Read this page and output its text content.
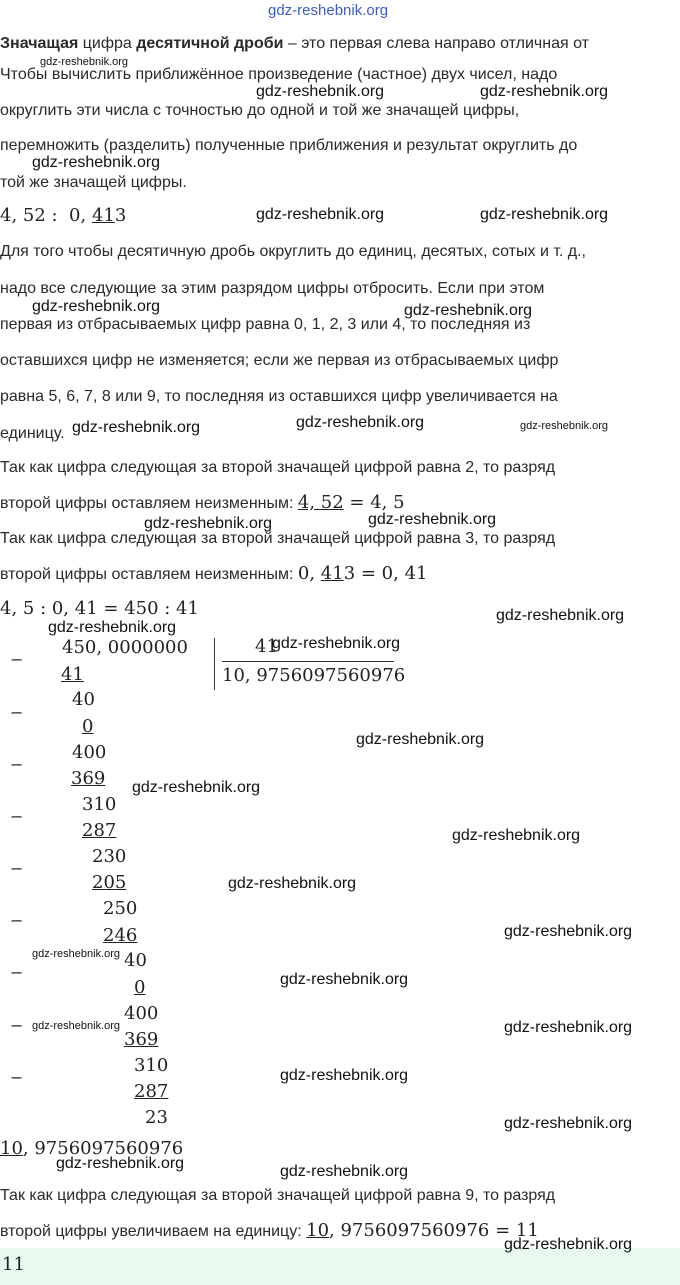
gdz-reshebnik.org
Значащая цифра десятичной дроби – это первая слева направо отличная от
Чтобы вычислить приближённое произведение (частное) двух чисел, надо
округлить эти числа с точностью до одной и той же значащей цифры,
перемножить (разделить) полученные приближения и результат округлить до
той же значащей цифры.
4, 52 : 0, 413
Для того чтобы десятичную дробь округлить до единиц, десятых, сотых и т. д.,
надо все следующие за этим разрядом цифры отбросить. Если при этом
первая из отбрасываемых цифр равна 0, 1, 2, 3 или 4, то последняя из
оставшихся цифр не изменяется; если же первая из отбрасываемых цифр
равна 5, 6, 7, 8 или 9, то последняя из оставшихся цифр увеличивается на
единицу.
Так как цифра следующая за второй значащей цифрой равна 2, то разряд
второй цифры оставляем неизменным: 4, 52 = 4, 5
Так как цифра следующая за второй значащей цифрой равна 3, то разряд
второй цифры оставляем неизменным: 0, 413 = 0, 41
4, 5 : 0, 41 = 450 : 41
450, 0000000	41
10, 9756097560976
−
41
40
−
0
400
−
369
310
−
287
230
−
205
250
−
246
40
−
0
400
−
369
310
−
287
23
10, 9756097560976
Так как цифра следующая за второй значащей цифрой равна 9, то разряд
второй цифры увеличиваем на единицу: 10, 9756097560976 = 11
11
gdz-reshebnik.org
gdz-reshebnik.org	gdz-reshebnik.org
gdz-reshebnik.org
gdz-reshebnik.org	gdz-reshebnik.org
gdz-reshebnik.org	gdz-reshebnik.org
gdz-reshebnik.org	gdz-reshebnik.org	gdz-reshebnik.org
gdz-reshebnik.org	gdz-reshebnik.org
gdz-reshebnik.org
gdz-reshebnik.org
gdz-reshebnik.org
gdz-reshebnik.org
gdz-reshebnik.org
gdz-reshebnik.org
gdz-reshebnik.org
gdz-reshebnik.org
gdz-reshebnik.org
gdz-reshebnik.org
gdz-reshebnik.org	gdz-reshebnik.org
gdz-reshebnik.org
gdz-reshebnik.org
gdz-reshebnik.org	gdz-reshebnik.org
gdz-reshebnik.org
